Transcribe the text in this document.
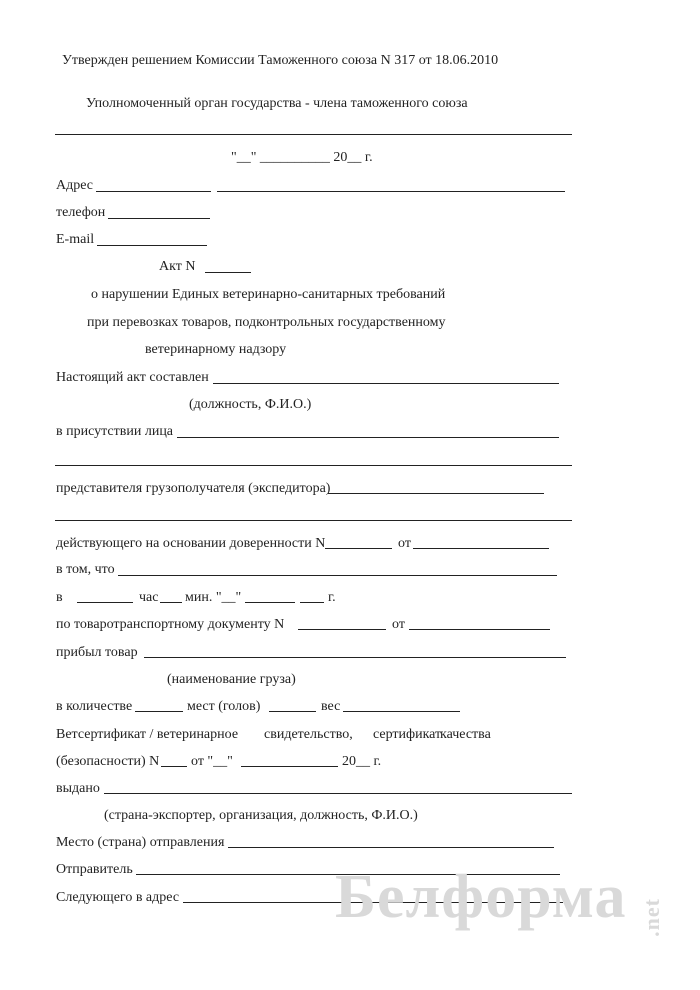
Утвержден решением Комиссии Таможенного союза N 317 от 18.06.2010
Уполномоченный орган государства - члена таможенного союза
"__" __________ 20__ г.
Адрес
телефон
E-mail
Акт N
о нарушении Единых ветеринарно-санитарных требований
при перевозках товаров, подконтрольных государственному
ветеринарному надзору
Настоящий акт составлен
(должность, Ф.И.О.)
в присутствии лица
представителя грузополучателя (экспедитора)
действующего на основании доверенности N	от
в том, что
в	час мин. "__"	г.
по товаротранспортному документу N	от
прибыл товар
(наименование груза)
в количестве	мест (голов)	вес
Ветсертификат / ветеринарное свидетельство, сертификат
качества
(безопасности) N от "__"	20__ г.
выдано
(страна-экспортер, организация, должность, Ф.И.О.)
Место (страна) отправления
Отправитель
Следующего в адрес	Белформа .net
